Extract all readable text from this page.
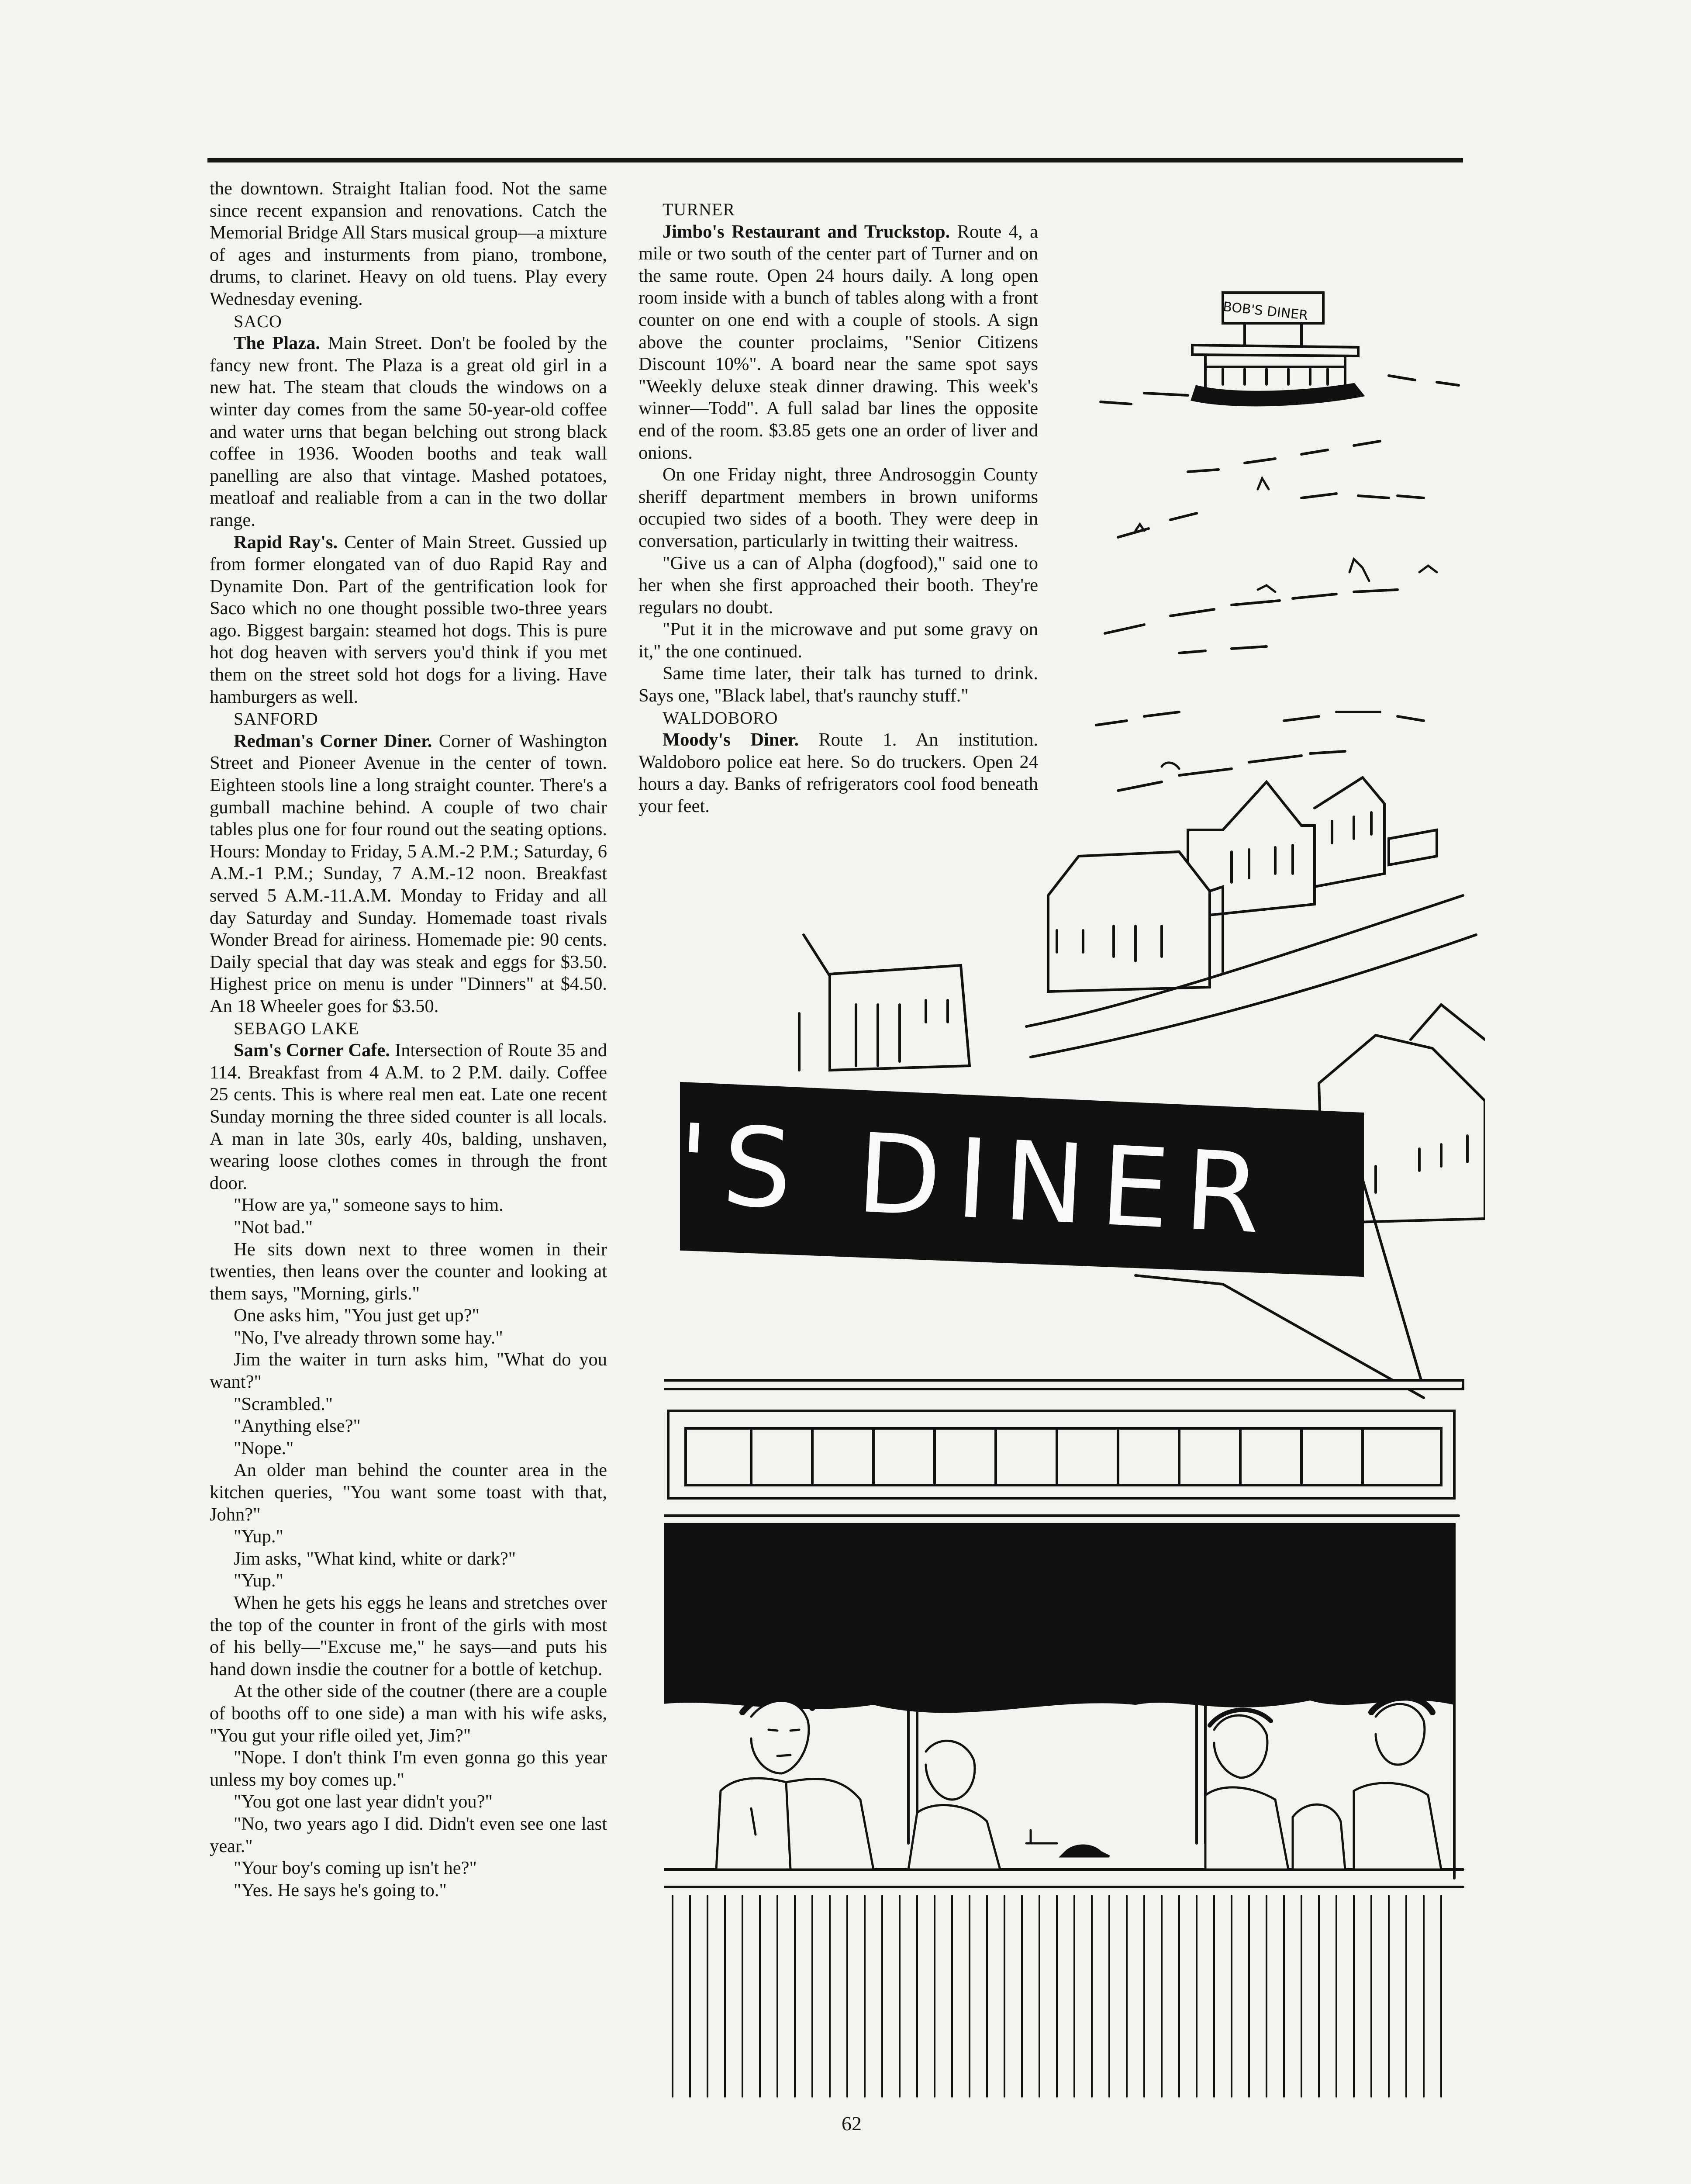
the downtown. Straight Italian food. Not the same since recent expansion and renovations. Catch the Memorial Bridge All Stars musical group—a mixture of ages and insturments from piano, trombone, drums, to clarinet. Heavy on old tuens. Play every Wednesday evening.

SACO

The Plaza. Main Street. Don't be fooled by the fancy new front. The Plaza is a great old girl in a new hat. The steam that clouds the windows on a winter day comes from the same 50-year-old coffee and water urns that began belching out strong black coffee in 1936. Wooden booths and teak wall panelling are also that vintage. Mashed potatoes, meatloaf and realiable from a can in the two dollar range.

Rapid Ray's. Center of Main Street. Gussied up from former elongated van of duo Rapid Ray and Dynamite Don. Part of the gentrification look for Saco which no one thought possible two-three years ago. Biggest bargain: steamed hot dogs. This is pure hot dog heaven with servers you'd think if you met them on the street sold hot dogs for a living. Have hamburgers as well.

SANFORD

Redman's Corner Diner. Corner of Washington Street and Pioneer Avenue in the center of town. Eighteen stools line a long straight counter. There's a gumball machine behind. A couple of two chair tables plus one for four round out the seating options. Hours: Monday to Friday, 5 A.M.-2 P.M.; Saturday, 6 A.M.-1 P.M.; Sunday, 7 A.M.-12 noon. Breakfast served 5 A.M.-11.A.M. Monday to Friday and all day Saturday and Sunday. Homemade toast rivals Wonder Bread for airiness. Homemade pie: 90 cents. Daily special that day was steak and eggs for $3.50. Highest price on menu is under "Dinners" at $4.50. An 18 Wheeler goes for $3.50.

SEBAGO LAKE

Sam's Corner Cafe. Intersection of Route 35 and 114. Breakfast from 4 A.M. to 2 P.M. daily. Coffee 25 cents. This is where real men eat. Late one recent Sunday morning the three sided counter is all locals. A man in late 30s, early 40s, balding, unshaven, wearing loose clothes comes in through the front door.

"How are ya," someone says to him.

"Not bad."

He sits down next to three women in their twenties, then leans over the counter and looking at them says, "Morning, girls."

One asks him, "You just get up?"

"No, I've already thrown some hay."

Jim the waiter in turn asks him, "What do you want?"

"Scrambled."

"Anything else?"

"Nope."

An older man behind the counter area in the kitchen queries, "You want some toast with that, John?"

"Yup."

Jim asks, "What kind, white or dark?"

"Yup."

When he gets his eggs he leans and stretches over the top of the counter in front of the girls with most of his belly—"Excuse me," he says—and puts his hand down insdie the coutner for a bottle of ketchup.

At the other side of the coutner (there are a couple of booths off to one side) a man with his wife asks, "You gut your rifle oiled yet, Jim?"

"Nope. I don't think I'm even gonna go this year unless my boy comes up."

"You got one last year didn't you?"

"No, two years ago I did. Didn't even see one last year."

"Your boy's coming up isn't he?"

"Yes. He says he's going to."

TURNER

Jimbo's Restaurant and Truckstop. Route 4, a mile or two south of the center part of Turner and on the same route. Open 24 hours daily. A long open room inside with a bunch of tables along with a front counter on one end with a couple of stools. A sign above the counter proclaims, "Senior Citizens Discount 10%". A board near the same spot says "Weekly deluxe steak dinner drawing. This week's winner—Todd". A full salad bar lines the opposite end of the room. $3.85 gets one an order of liver and onions.

On one Friday night, three Androsoggin County sheriff department members in brown uniforms occupied two sides of a booth. They were deep in conversation, particularly in twitting their waitress.

"Give us a can of Alpha (dogfood)," said one to her when she first approached their booth. They're regulars no doubt.

"Put it in the microwave and put some gravy on it," the one continued.

Same time later, their talk has turned to drink. Says one, "Black label, that's raunchy stuff."

WALDOBORO

Moody's Diner. Route 1. An institution. Waldoboro police eat here. So do truckers. Open 24 hours a day. Banks of refrigerators cool food beneath your feet.

BOB'S DINER
'S DINER
62
